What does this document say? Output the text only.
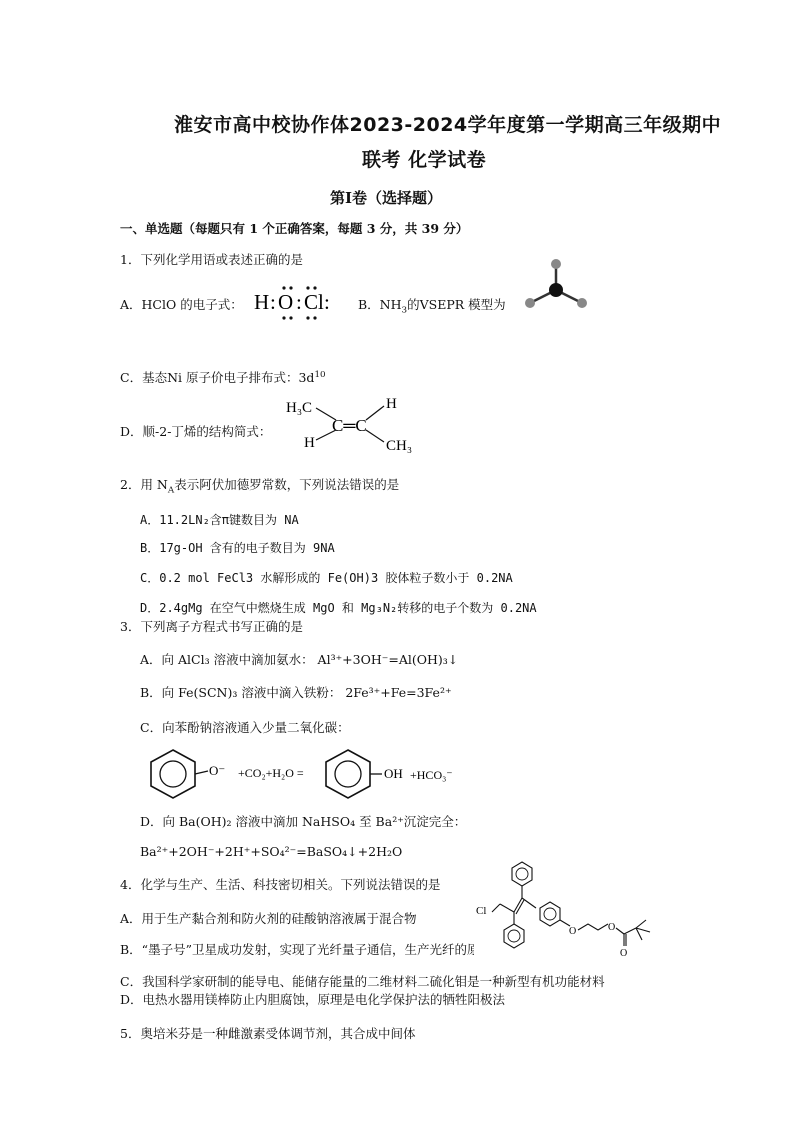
淮安市高中校协作体2023-2024学年度第一学期高三年级期中
联考 化学试卷
第Ⅰ卷（选择题）
一、单选题（每题只有 1 个正确答案，每题 3 分，共 39 分）
1．下列化学用语或表述正确的是
A．HClO 的电子式： H : O : Cl : B．$NH_3$的VSEPR 模型为
C．基态Ni 原子价电子排布式：$3d^{10}$
D．顺-2-丁烯的结构简式：
H₃C	H
C═C
H	CH₃
2．用 $N_A$表示阿伏加德罗常数，下列说法错误的是
A．11.2LN₂含π键数目为 NA
B．17g-OH 含有的电子数目为 9NA
C．0.2 mol FeCl3 水解形成的 Fe(OH)3 胶体粒子数小于 0.2NA
D．2.4gMg 在空气中燃烧生成 MgO 和 Mg₃N₂转移的电子个数为 0.2NA
3．下列离子方程式书写正确的是
A．向 AlCl₃ 溶液中滴加氨水： Al³⁺+3OH⁻=Al(OH)₃↓
B．向 Fe(SCN)₃ 溶液中滴入铁粉： 2Fe³⁺+Fe=3Fe²⁺
C．向苯酚钠溶液通入少量二氧化碳：
O⁻ +CO₂+H₂O =	OH +HCO₃⁻
D．向 Ba(OH)₂ 溶液中滴加 NaHSO₄ 至 Ba²⁺沉淀完全：
Ba²⁺+2OH⁻+2H⁺+SO₄²⁻=BaSO₄↓+2H₂O
4．化学与生产、生活、科技密切相关。下列说法错误的是
A．用于生产黏合剂和防火剂的硅酸钠溶液属于混合物
B．“墨子号”卫星成功发射，实现了光纤量子通信，生产光纤的原料为晶体硅
C．我国科学家研制的能导电、能储存能量的二维材料二硫化钼是一种新型有机功能材料
D．电热水器用镁棒防止内胆腐蚀，原理是电化学保护法的牺牲阳极法
Cl
O	O
O
5．奥培米芬是一种雌激素受体调节剂，其合成中间体
